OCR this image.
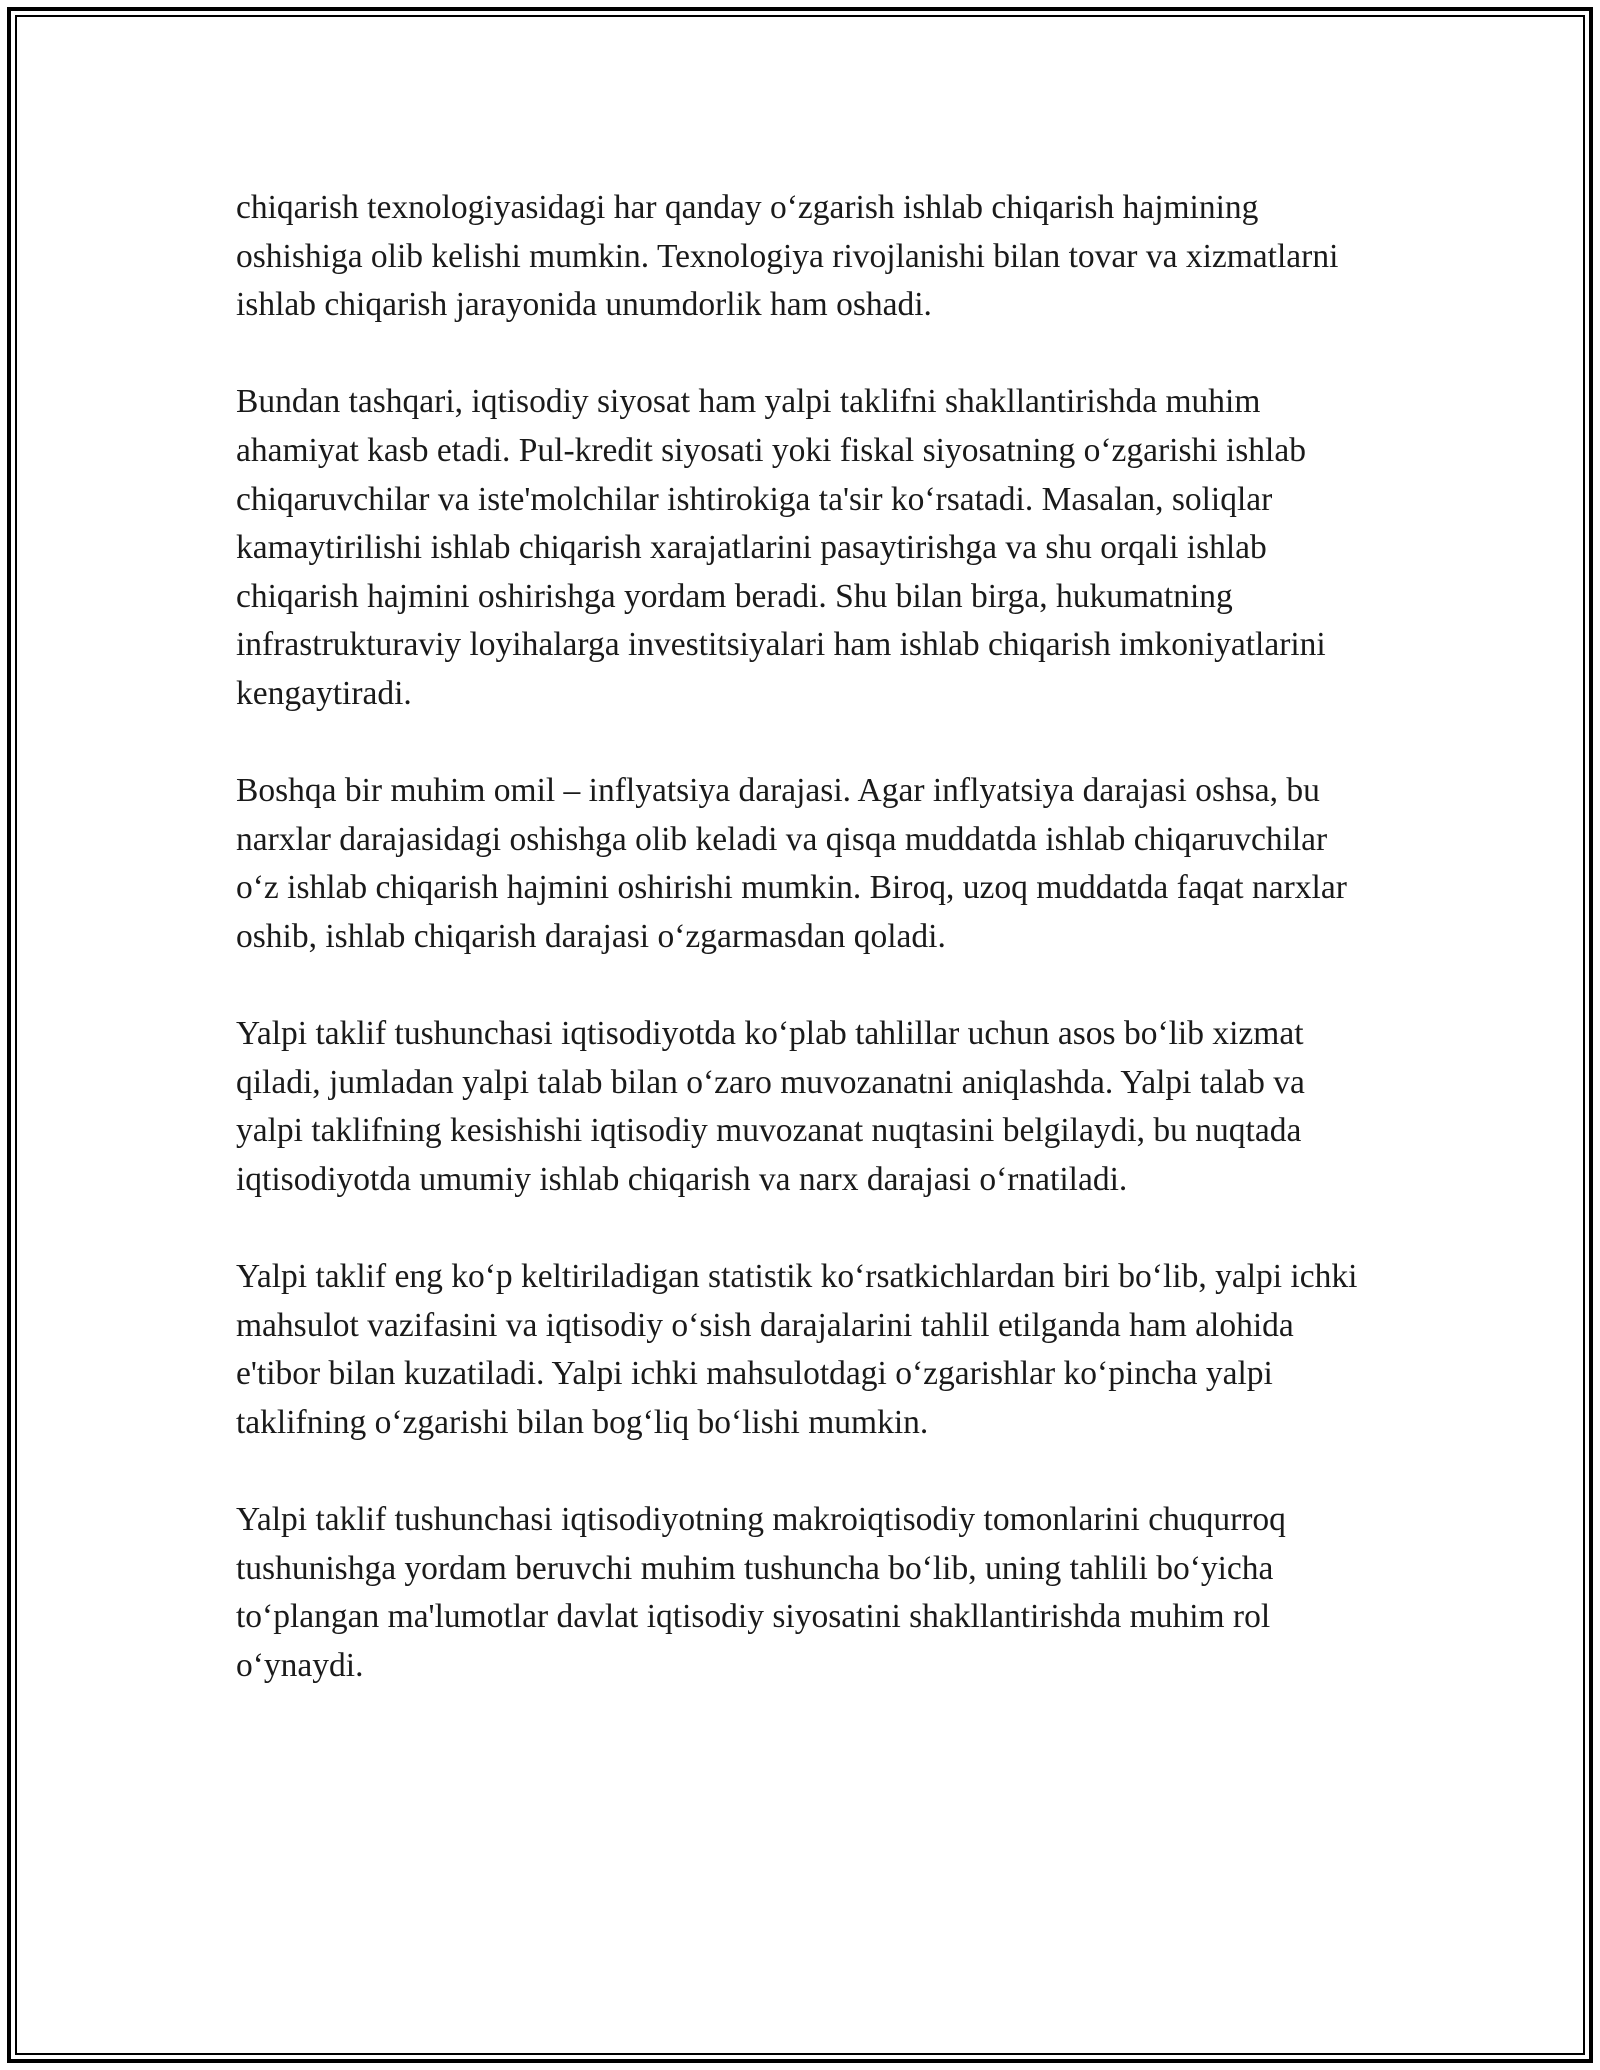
chiqarish texnologiyasidagi har qanday o‘zgarish ishlab chiqarish hajmining oshishiga olib kelishi mumkin. Texnologiya rivojlanishi bilan tovar va xizmatlarni ishlab chiqarish jarayonida unumdorlik ham oshadi.

Bundan tashqari, iqtisodiy siyosat ham yalpi taklifni shakllantirishda muhim ahamiyat kasb etadi. Pul-kredit siyosati yoki fiskal siyosatning o‘zgarishi ishlab chiqaruvchilar va iste'molchilar ishtirokiga ta'sir ko‘rsatadi. Masalan, soliqlar kamaytirilishi ishlab chiqarish xarajatlarini pasaytirishga va shu orqali ishlab chiqarish hajmini oshirishga yordam beradi. Shu bilan birga, hukumatning infrastrukturaviy loyihalarga investitsiyalari ham ishlab chiqarish imkoniyatlarini kengaytiradi.

Boshqa bir muhim omil – inflyatsiya darajasi. Agar inflyatsiya darajasi oshsa, bu narxlar darajasidagi oshishga olib keladi va qisqa muddatda ishlab chiqaruvchilar o‘z ishlab chiqarish hajmini oshirishi mumkin. Biroq, uzoq muddatda faqat narxlar oshib, ishlab chiqarish darajasi o‘zgarmasdan qoladi.

Yalpi taklif tushunchasi iqtisodiyotda ko‘plab tahlillar uchun asos bo‘lib xizmat qiladi, jumladan yalpi talab bilan o‘zaro muvozanatni aniqlashda. Yalpi talab va yalpi taklifning kesishishi iqtisodiy muvozanat nuqtasini belgilaydi, bu nuqtada iqtisodiyotda umumiy ishlab chiqarish va narx darajasi o‘rnatiladi.

Yalpi taklif eng ko‘p keltiriladigan statistik ko‘rsatkichlardan biri bo‘lib, yalpi ichki mahsulot vazifasini va iqtisodiy o‘sish darajalarini tahlil etilganda ham alohida e'tibor bilan kuzatiladi. Yalpi ichki mahsulotdagi o‘zgarishlar ko‘pincha yalpi taklifning o‘zgarishi bilan bog‘liq bo‘lishi mumkin.

Yalpi taklif tushunchasi iqtisodiyotning makroiqtisodiy tomonlarini chuqurroq tushunishga yordam beruvchi muhim tushuncha bo‘lib, uning tahlili bo‘yicha to‘plangan ma'lumotlar davlat iqtisodiy siyosatini shakllantirishda muhim rol o‘ynaydi.
